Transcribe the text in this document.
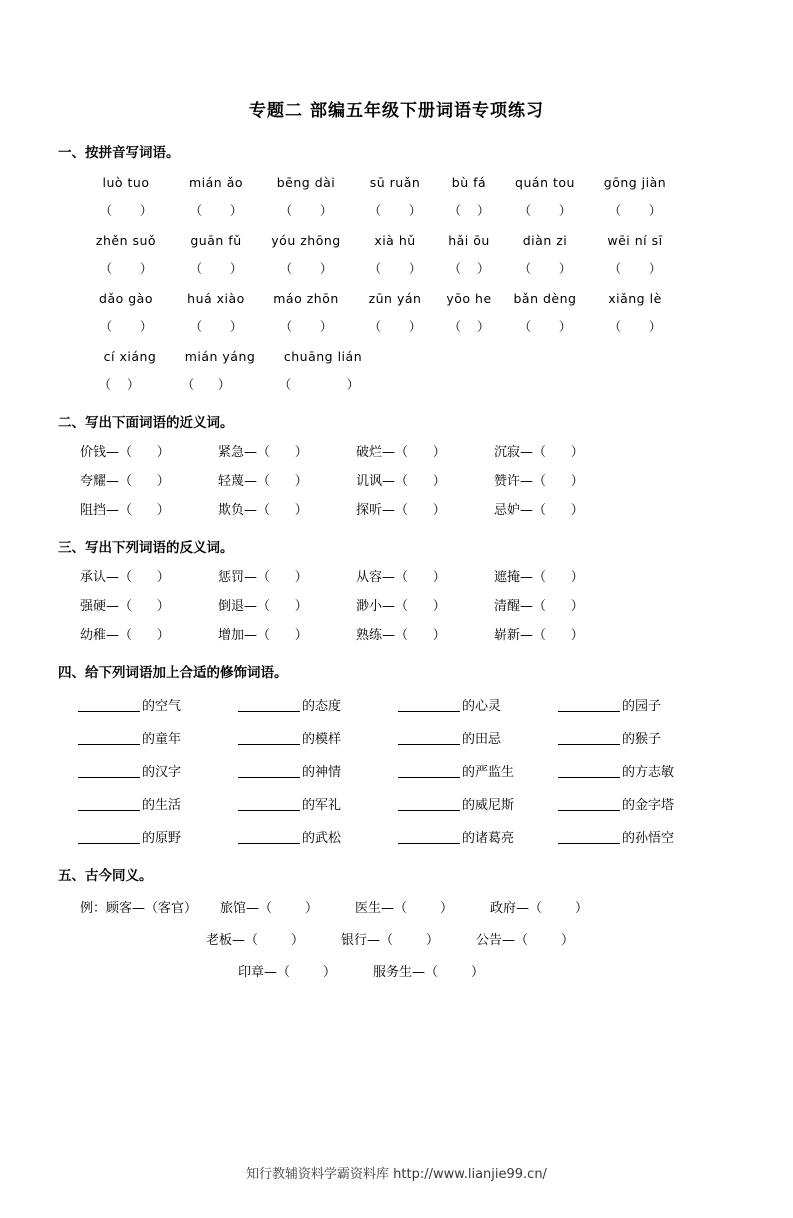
专题二 部编五年级下册词语专项练习
一、按拼音写词语。
luò tuo	mián ǎo	bēng dài	sū ruǎn	bù fá	quán tou	gōng jiàn
（       ）	（       ）	（       ）	（       ）	（    ）	（       ）	（       ）
zhěn suǒ	guān fǔ	yóu zhōng	xià hǔ	hǎi ōu	diàn zi	wēi ní sī
（       ）	（       ）	（       ）	（       ）	（    ）	（       ）	（       ）
dǎo gào	huá xiào	máo zhōn	zūn yán	yōo he	bǎn dèng	xiǎng lè
（       ）	（       ）	（       ）	（       ）	（    ）	（       ）	（       ）
cí xiáng	mián yáng	chuāng lián
（    ）	（      ）	（              ）
二、写出下面词语的近义词。
价钱—（      ）	紧急—（      ）	破烂—（      ）	沉寂—（      ）
夸耀—（      ）	轻蔑—（      ）	讥讽—（      ）	赞许—（      ）
阻挡—（      ）	欺负—（      ）	探听—（      ）	忌妒—（      ）
三、写出下列词语的反义词。
承认—（      ）	惩罚—（      ）	从容—（      ）	遮掩—（      ）
强硬—（      ）	倒退—（      ）	渺小—（      ）	清醒—（      ）
幼稚—（      ）	增加—（      ）	熟练—（      ）	崭新—（      ）
四、给下列词语加上合适的修饰词语。
的空气	的态度	的心灵	的园子
的童年	的模样	的田忌	的猴子
的汉字	的神情	的严监生	的方志敏
的生活	的军礼	的威尼斯	的金字塔
的原野	的武松	的诸葛亮	的孙悟空
五、古今同义。
例：顾客—（客官）	旅馆—（        ）	医生—（        ）	政府—（        ）
老板—（        ）	银行—（        ）	公告—（        ）
印章—（        ）	服务生—（        ）
知行教辅资料学霸资料库 http://www.lianjie99.cn/
